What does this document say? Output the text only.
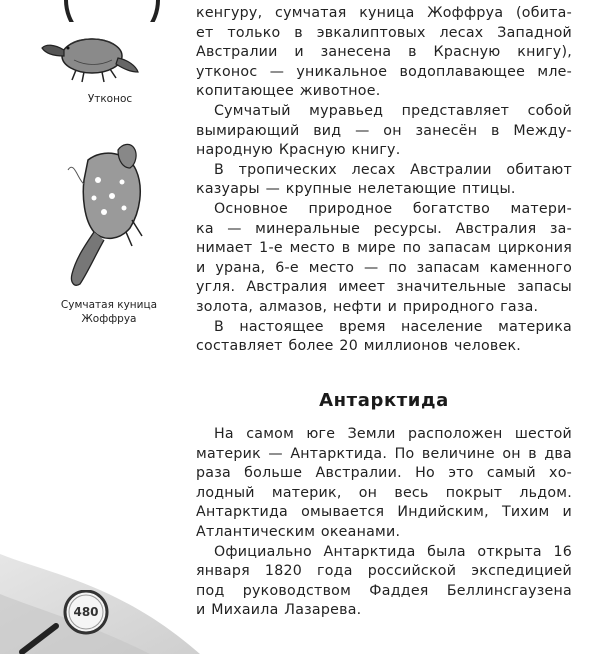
Утконос
Сумчатая куница
Жоффруа

кенгуру, сумчатая куница Жоффруа (обита-
ет только в эвкалиптовых лесах Западной
Австралии и занесена в Красную книгу),
утконос — уникальное водоплавающее мле-
копитающее животное.

Сумчатый муравьед представляет собой
вымирающий вид — он занесён в Между-
народную Красную книгу.

В тропических лесах Австралии обитают
казуары — крупные нелетающие птицы.

Основное природное богатство матери-
ка — минеральные ресурсы. Австралия за-
нимает 1-е место в мире по запасам циркония
и урана, 6-е место — по запасам каменного
угля. Австралия имеет значительные запасы
золота, алмазов, нефти и природного газа.

В настоящее время население материка
составляет более 20 миллионов человек.

Антарктида

На самом юге Земли расположен шестой
материк — Антарктида. По величине он в два
раза больше Австралии. Но это самый хо-
лодный материк, он весь покрыт льдом.
Антарктида омывается Индийским, Тихим и
Атлантическим океанами.

Официально Антарктида была открыта 16
января 1820 года российской экспедицией
под руководством Фаддея Беллинсгаузена
и Михаила Лазарева.

480
